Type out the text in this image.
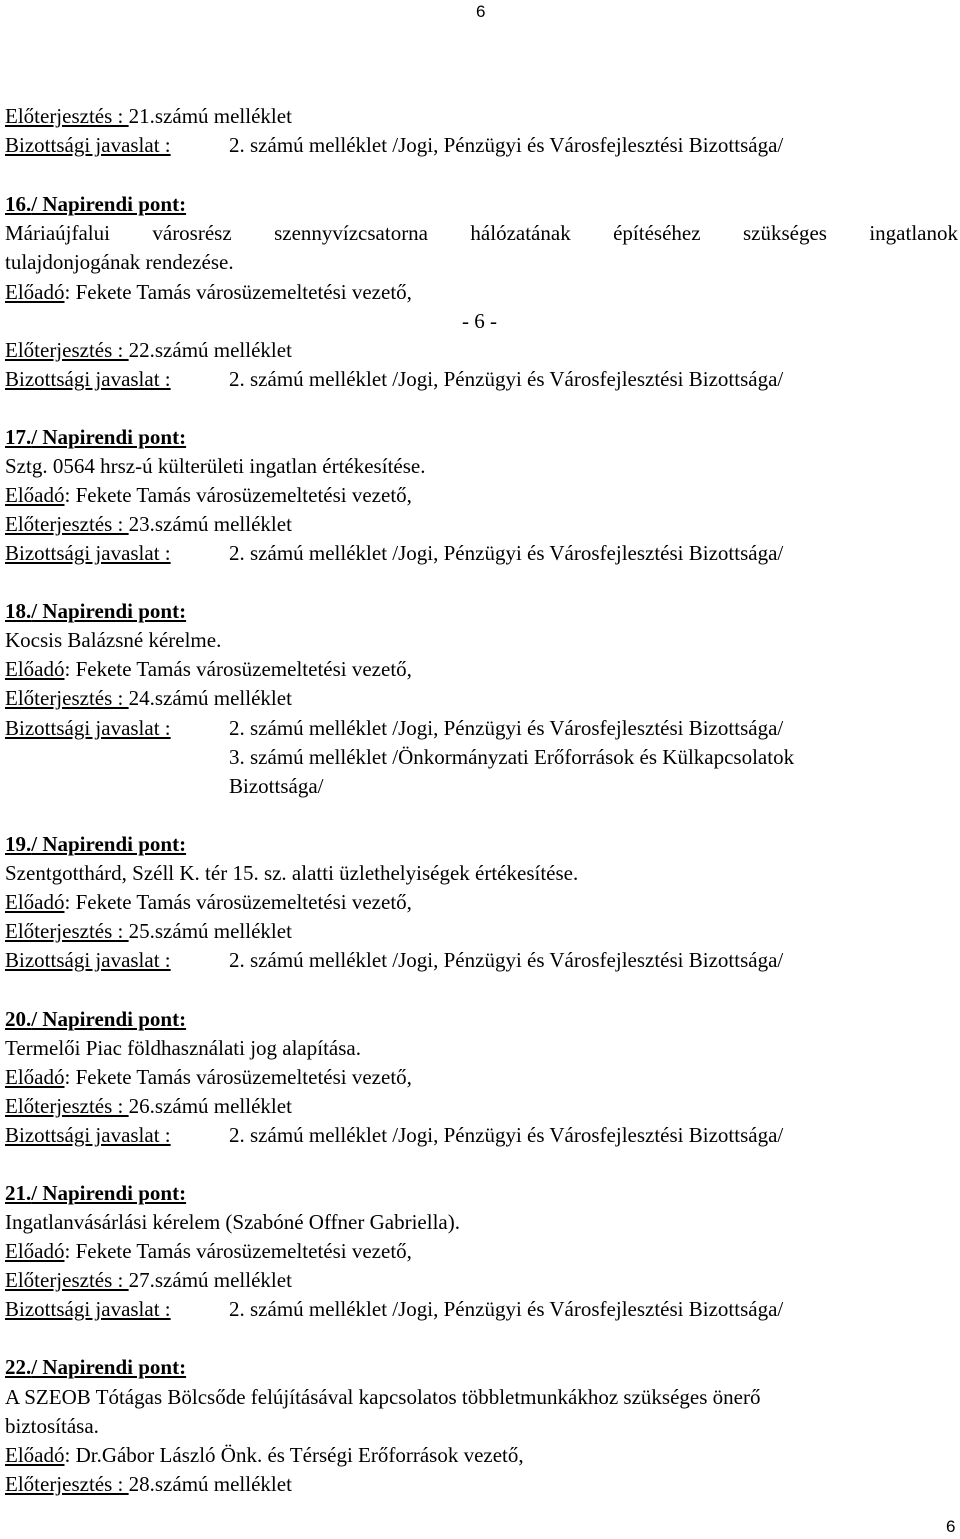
6
Előterjesztés : 21.számú melléklet
Bizottsági javaslat :	2. számú melléklet /Jogi, Pénzügyi és Városfejlesztési Bizottsága/
16./ Napirendi pont:
Máriaújfalui városrész szennyvízcsatorna hálózatának építéséhez szükséges ingatlanok
tulajdonjogának rendezése.
Előadó: Fekete Tamás városüzemeltetési vezető,
- 6 -
Előterjesztés : 22.számú melléklet
Bizottsági javaslat :	2. számú melléklet /Jogi, Pénzügyi és Városfejlesztési Bizottsága/
17./ Napirendi pont:
Sztg. 0564 hrsz-ú külterületi ingatlan értékesítése.
Előadó: Fekete Tamás városüzemeltetési vezető,
Előterjesztés : 23.számú melléklet
Bizottsági javaslat :	2. számú melléklet /Jogi, Pénzügyi és Városfejlesztési Bizottsága/
18./ Napirendi pont:
Kocsis Balázsné kérelme.
Előadó: Fekete Tamás városüzemeltetési vezető,
Előterjesztés : 24.számú melléklet
Bizottsági javaslat :	2. számú melléklet /Jogi, Pénzügyi és Városfejlesztési Bizottsága/
3. számú melléklet /Önkormányzati Erőforrások és Külkapcsolatok
Bizottsága/
19./ Napirendi pont:
Szentgotthárd, Széll K. tér 15. sz. alatti üzlethelyiségek értékesítése.
Előadó: Fekete Tamás városüzemeltetési vezető,
Előterjesztés : 25.számú melléklet
Bizottsági javaslat :	2. számú melléklet /Jogi, Pénzügyi és Városfejlesztési Bizottsága/
20./ Napirendi pont:
Termelői Piac földhasználati jog alapítása.
Előadó: Fekete Tamás városüzemeltetési vezető,
Előterjesztés : 26.számú melléklet
Bizottsági javaslat :	2. számú melléklet /Jogi, Pénzügyi és Városfejlesztési Bizottsága/
21./ Napirendi pont:
Ingatlanvásárlási kérelem (Szabóné Offner Gabriella).
Előadó: Fekete Tamás városüzemeltetési vezető,
Előterjesztés : 27.számú melléklet
Bizottsági javaslat :	2. számú melléklet /Jogi, Pénzügyi és Városfejlesztési Bizottsága/
22./ Napirendi pont:
A SZEOB Tótágas Bölcsőde felújításával kapcsolatos többletmunkákhoz szükséges önerő
biztosítása.
Előadó: Dr.Gábor László Önk. és Térségi Erőforrások vezető,
Előterjesztés : 28.számú melléklet
6
